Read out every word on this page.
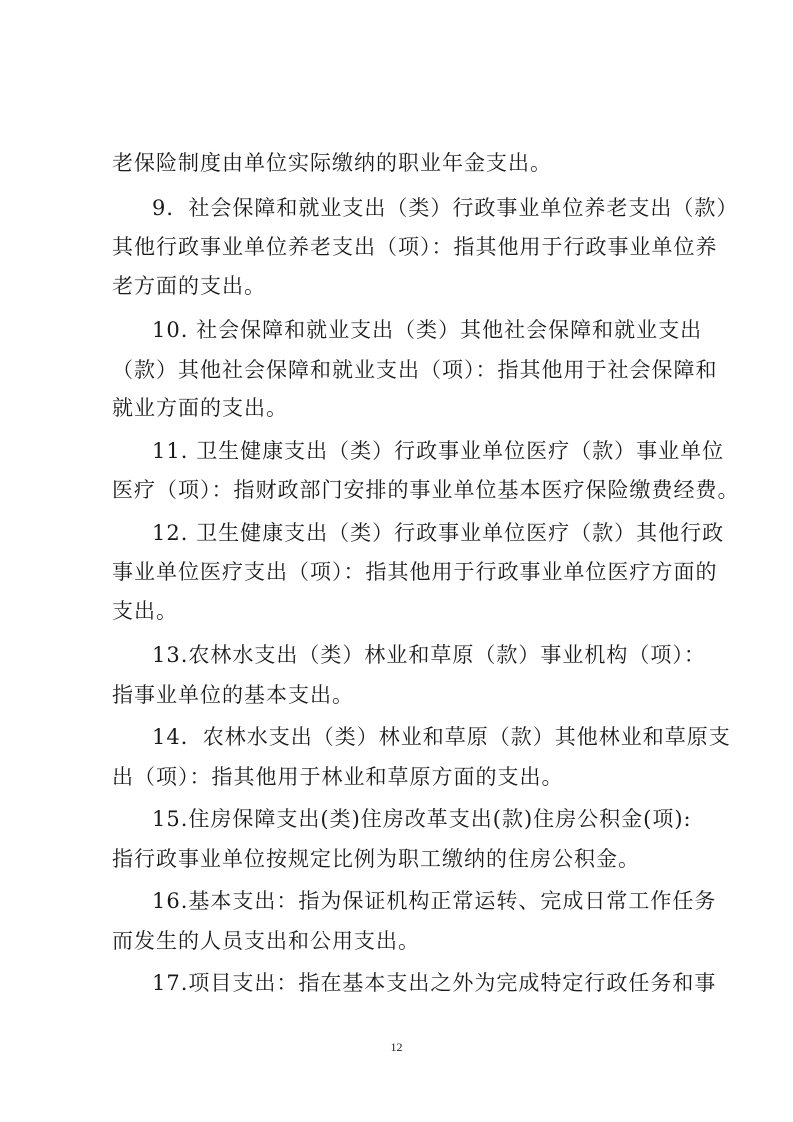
老保险制度由单位实际缴纳的职业年金支出。
9．社会保障和就业支出（类）行政事业单位养老支出（款）
其他行政事业单位养老支出（项）：指其他用于行政事业单位养
老方面的支出。
10. 社会保障和就业支出（类）其他社会保障和就业支出
（款）其他社会保障和就业支出（项）：指其他用于社会保障和
就业方面的支出。
11. 卫生健康支出（类）行政事业单位医疗（款）事业单位
医疗（项）：指财政部门安排的事业单位基本医疗保险缴费经费。
12. 卫生健康支出（类）行政事业单位医疗（款）其他行政
事业单位医疗支出（项）：指其他用于行政事业单位医疗方面的
支出。
13.农林水支出（类）林业和草原（款）事业机构（项）：
指事业单位的基本支出。
14．农林水支出（类）林业和草原（款）其他林业和草原支
出（项）：指其他用于林业和草原方面的支出。
15.住房保障支出(类)住房改革支出(款)住房公积金(项):
指行政事业单位按规定比例为职工缴纳的住房公积金。
16.基本支出：指为保证机构正常运转、完成日常工作任务
而发生的人员支出和公用支出。
17.项目支出：指在基本支出之外为完成特定行政任务和事
12
